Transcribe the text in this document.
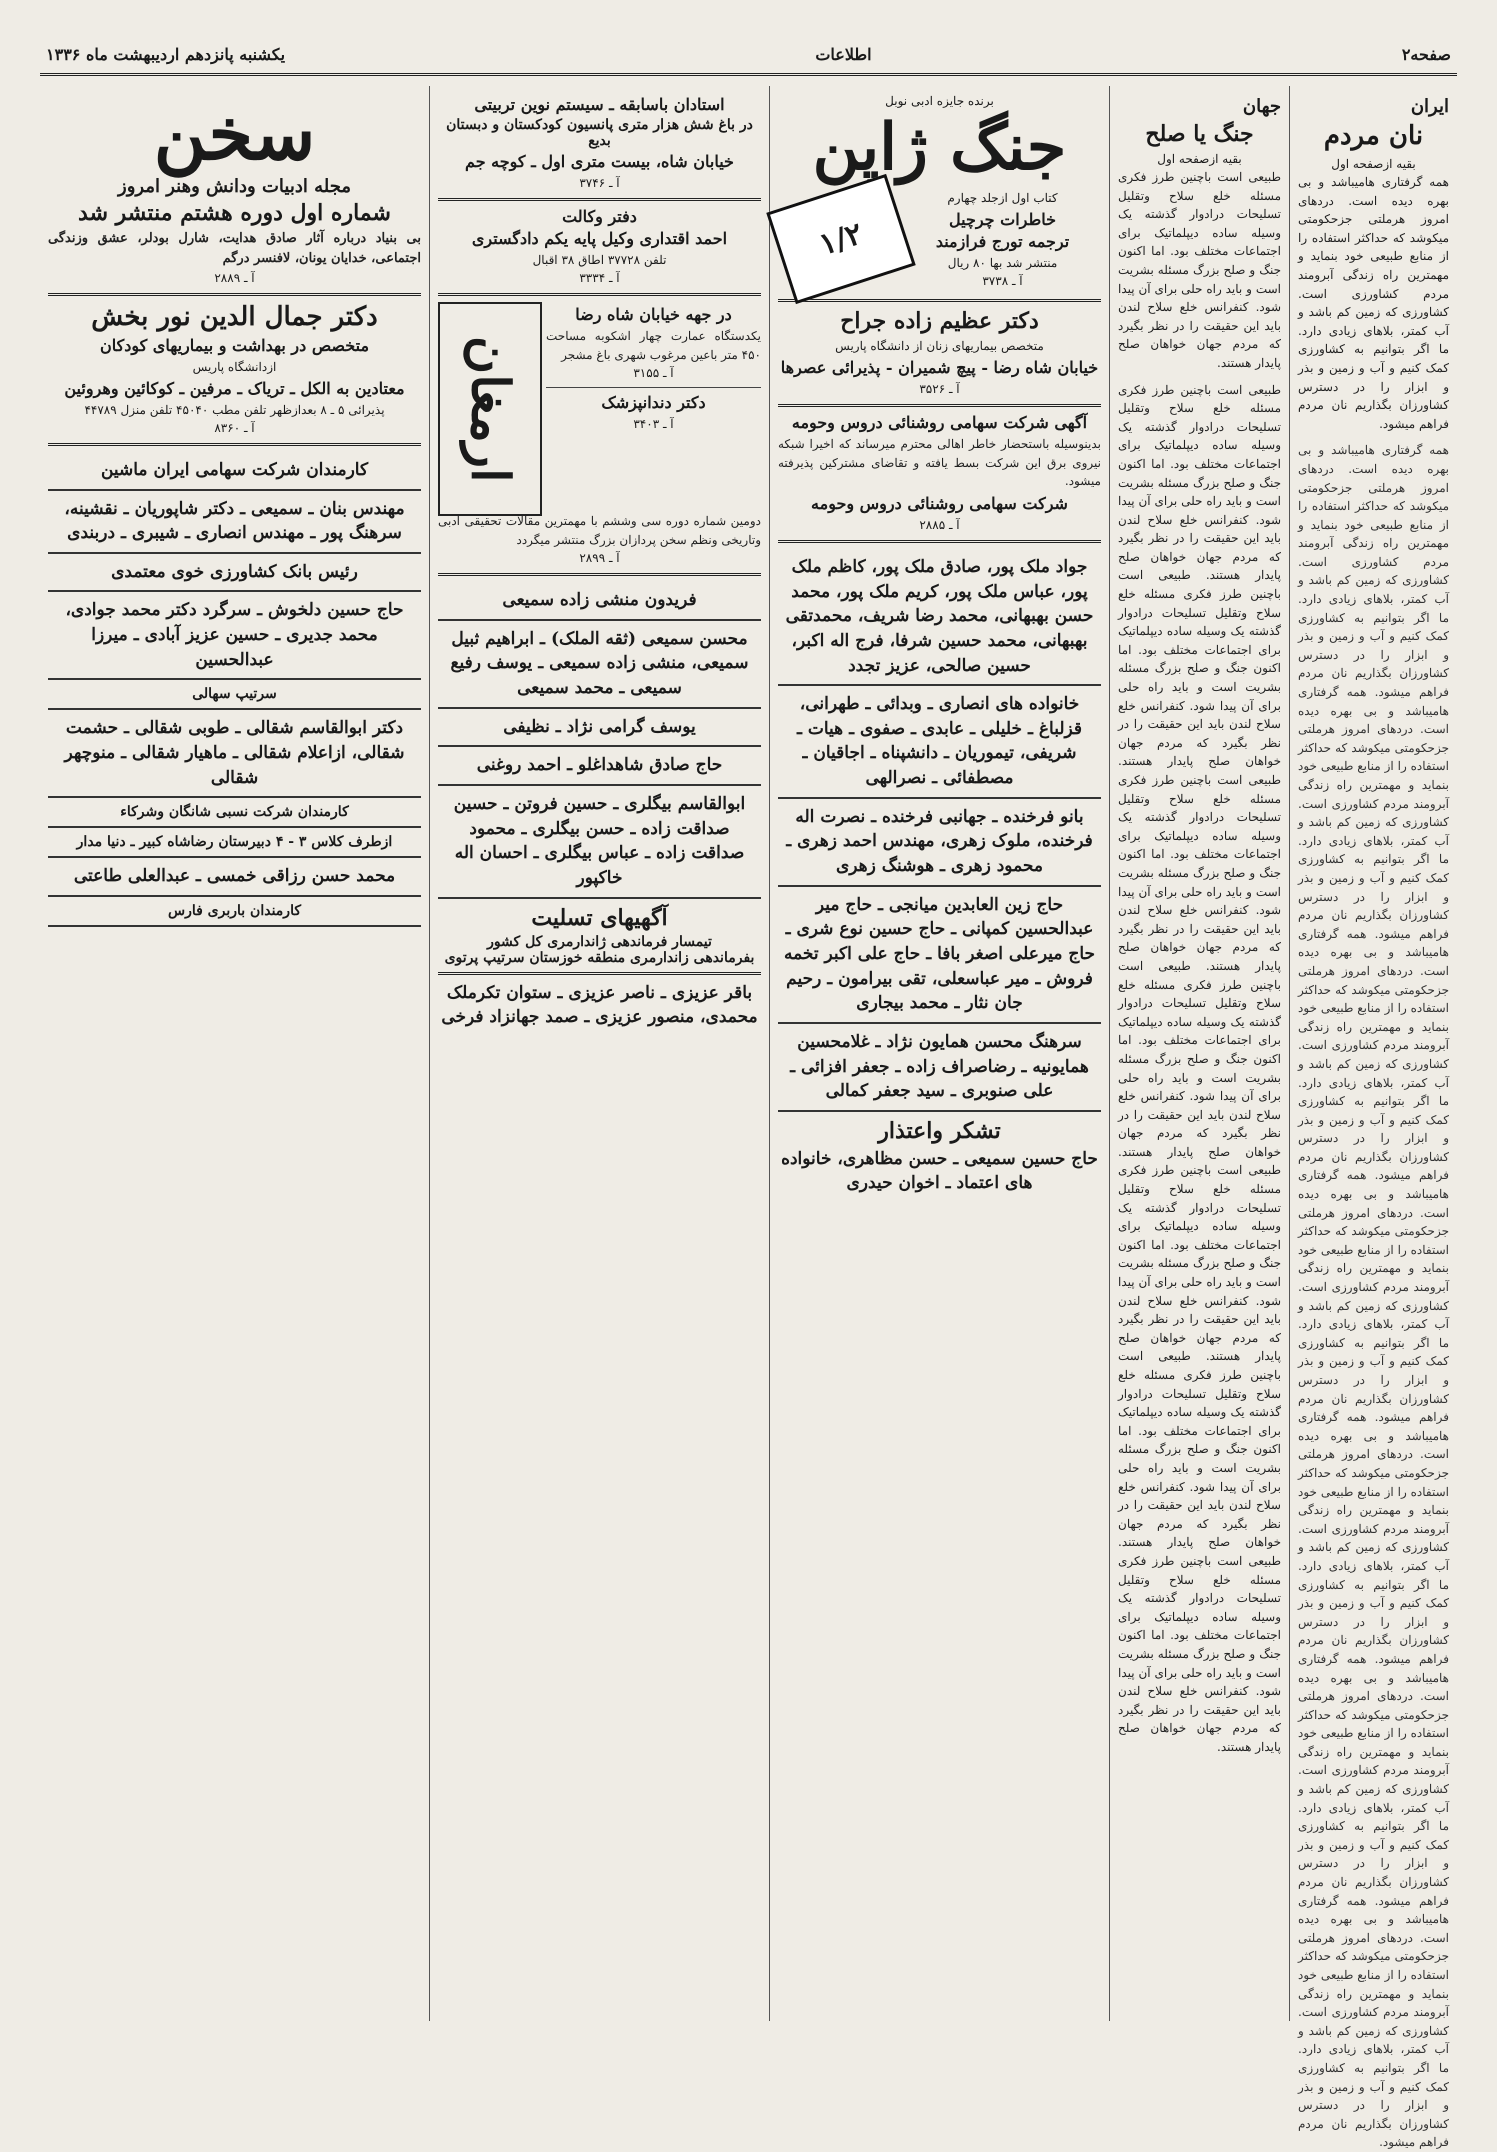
صفحه۲
اطلاعات
یکشنبه پانزدهم اردیبهشت ماه ۱۳۳۶
ایران
نان مردم
بقیه ازصفحه اول
همه گرفتاری هامیباشد و بی بهره دیده است. دردهای امروز هرملتی جزحکومتی میکوشد که حداکثر استفاده را از منابع طبیعی خود بنماید و مهمترین راه زندگی آبرومند مردم کشاورزی است. کشاورزی که زمین کم باشد و آب کمتر، بلاهای زیادی دارد. ما اگر بتوانیم به کشاورزی کمک کنیم و آب و زمین و بذر و ابزار را در دسترس کشاورزان بگذاریم نان مردم فراهم میشود.
همه گرفتاری هامیباشد و بی بهره دیده است. دردهای امروز هرملتی جزحکومتی میکوشد که حداکثر استفاده را از منابع طبیعی خود بنماید و مهمترین راه زندگی آبرومند مردم کشاورزی است. کشاورزی که زمین کم باشد و آب کمتر، بلاهای زیادی دارد. ما اگر بتوانیم به کشاورزی کمک کنیم و آب و زمین و بذر و ابزار را در دسترس کشاورزان بگذاریم نان مردم فراهم میشود. همه گرفتاری هامیباشد و بی بهره دیده است. دردهای امروز هرملتی جزحکومتی میکوشد که حداکثر استفاده را از منابع طبیعی خود بنماید و مهمترین راه زندگی آبرومند مردم کشاورزی است. کشاورزی که زمین کم باشد و آب کمتر، بلاهای زیادی دارد. ما اگر بتوانیم به کشاورزی کمک کنیم و آب و زمین و بذر و ابزار را در دسترس کشاورزان بگذاریم نان مردم فراهم میشود. همه گرفتاری هامیباشد و بی بهره دیده است. دردهای امروز هرملتی جزحکومتی میکوشد که حداکثر استفاده را از منابع طبیعی خود بنماید و مهمترین راه زندگی آبرومند مردم کشاورزی است. کشاورزی که زمین کم باشد و آب کمتر، بلاهای زیادی دارد. ما اگر بتوانیم به کشاورزی کمک کنیم و آب و زمین و بذر و ابزار را در دسترس کشاورزان بگذاریم نان مردم فراهم میشود. همه گرفتاری هامیباشد و بی بهره دیده است. دردهای امروز هرملتی جزحکومتی میکوشد که حداکثر استفاده را از منابع طبیعی خود بنماید و مهمترین راه زندگی آبرومند مردم کشاورزی است. کشاورزی که زمین کم باشد و آب کمتر، بلاهای زیادی دارد. ما اگر بتوانیم به کشاورزی کمک کنیم و آب و زمین و بذر و ابزار را در دسترس کشاورزان بگذاریم نان مردم فراهم میشود. همه گرفتاری هامیباشد و بی بهره دیده است. دردهای امروز هرملتی جزحکومتی میکوشد که حداکثر استفاده را از منابع طبیعی خود بنماید و مهمترین راه زندگی آبرومند مردم کشاورزی است. کشاورزی که زمین کم باشد و آب کمتر، بلاهای زیادی دارد. ما اگر بتوانیم به کشاورزی کمک کنیم و آب و زمین و بذر و ابزار را در دسترس کشاورزان بگذاریم نان مردم فراهم میشود. همه گرفتاری هامیباشد و بی بهره دیده است. دردهای امروز هرملتی جزحکومتی میکوشد که حداکثر استفاده را از منابع طبیعی خود بنماید و مهمترین راه زندگی آبرومند مردم کشاورزی است. کشاورزی که زمین کم باشد و آب کمتر، بلاهای زیادی دارد. ما اگر بتوانیم به کشاورزی کمک کنیم و آب و زمین و بذر و ابزار را در دسترس کشاورزان بگذاریم نان مردم فراهم میشود. همه گرفتاری هامیباشد و بی بهره دیده است. دردهای امروز هرملتی جزحکومتی میکوشد که حداکثر استفاده را از منابع طبیعی خود بنماید و مهمترین راه زندگی آبرومند مردم کشاورزی است. کشاورزی که زمین کم باشد و آب کمتر، بلاهای زیادی دارد. ما اگر بتوانیم به کشاورزی کمک کنیم و آب و زمین و بذر و ابزار را در دسترس کشاورزان بگذاریم نان مردم فراهم میشود.
جهان
جنگ یا صلح
بقیه ازصفحه اول
طبیعی است باچنین طرز فکری مسئله خلع سلاح وتقلیل تسلیحات درادوار گذشته یک وسیله ساده دیپلماتیک برای اجتماعات مختلف بود. اما اکنون جنگ و صلح بزرگ مسئله بشریت است و باید راه حلی برای آن پیدا شود. کنفرانس خلع سلاح لندن باید این حقیقت را در نظر بگیرد که مردم جهان خواهان صلح پایدار هستند.
طبیعی است باچنین طرز فکری مسئله خلع سلاح وتقلیل تسلیحات درادوار گذشته یک وسیله ساده دیپلماتیک برای اجتماعات مختلف بود. اما اکنون جنگ و صلح بزرگ مسئله بشریت است و باید راه حلی برای آن پیدا شود. کنفرانس خلع سلاح لندن باید این حقیقت را در نظر بگیرد که مردم جهان خواهان صلح پایدار هستند. طبیعی است باچنین طرز فکری مسئله خلع سلاح وتقلیل تسلیحات درادوار گذشته یک وسیله ساده دیپلماتیک برای اجتماعات مختلف بود. اما اکنون جنگ و صلح بزرگ مسئله بشریت است و باید راه حلی برای آن پیدا شود. کنفرانس خلع سلاح لندن باید این حقیقت را در نظر بگیرد که مردم جهان خواهان صلح پایدار هستند. طبیعی است باچنین طرز فکری مسئله خلع سلاح وتقلیل تسلیحات درادوار گذشته یک وسیله ساده دیپلماتیک برای اجتماعات مختلف بود. اما اکنون جنگ و صلح بزرگ مسئله بشریت است و باید راه حلی برای آن پیدا شود. کنفرانس خلع سلاح لندن باید این حقیقت را در نظر بگیرد که مردم جهان خواهان صلح پایدار هستند. طبیعی است باچنین طرز فکری مسئله خلع سلاح وتقلیل تسلیحات درادوار گذشته یک وسیله ساده دیپلماتیک برای اجتماعات مختلف بود. اما اکنون جنگ و صلح بزرگ مسئله بشریت است و باید راه حلی برای آن پیدا شود. کنفرانس خلع سلاح لندن باید این حقیقت را در نظر بگیرد که مردم جهان خواهان صلح پایدار هستند. طبیعی است باچنین طرز فکری مسئله خلع سلاح وتقلیل تسلیحات درادوار گذشته یک وسیله ساده دیپلماتیک برای اجتماعات مختلف بود. اما اکنون جنگ و صلح بزرگ مسئله بشریت است و باید راه حلی برای آن پیدا شود. کنفرانس خلع سلاح لندن باید این حقیقت را در نظر بگیرد که مردم جهان خواهان صلح پایدار هستند. طبیعی است باچنین طرز فکری مسئله خلع سلاح وتقلیل تسلیحات درادوار گذشته یک وسیله ساده دیپلماتیک برای اجتماعات مختلف بود. اما اکنون جنگ و صلح بزرگ مسئله بشریت است و باید راه حلی برای آن پیدا شود. کنفرانس خلع سلاح لندن باید این حقیقت را در نظر بگیرد که مردم جهان خواهان صلح پایدار هستند. طبیعی است باچنین طرز فکری مسئله خلع سلاح وتقلیل تسلیحات درادوار گذشته یک وسیله ساده دیپلماتیک برای اجتماعات مختلف بود. اما اکنون جنگ و صلح بزرگ مسئله بشریت است و باید راه حلی برای آن پیدا شود. کنفرانس خلع سلاح لندن باید این حقیقت را در نظر بگیرد که مردم جهان خواهان صلح پایدار هستند.
برنده جایزه ادبی نوبل
جنگ ژاپن
کتاب اول ازجلد چهارم
خاطرات چرچیل
ترجمه تورج فرازمند
منتشر شد بها ۸۰ ریال
آ ـ ۳۷۳۸
۱/۲
دکتر عظیم زاده جراح
متخصص بیماریهای زنان از دانشگاه پاریس
خیابان شاه رضا - پیچ شمیران - پذیرائی عصرها
آ ـ ۳۵۲۶
آگهی شرکت سهامی روشنائی دروس وحومه
بدینوسیله باستحضار خاطر اهالی محترم میرساند که اخیرا شبکه نیروی برق این شرکت بسط یافته و تقاضای مشترکین پذیرفته میشود.
شرکت سهامی روشنائی دروس وحومه
آ ـ ۲۸۸۵
جواد ملک پور، صادق ملک پور، کاظم ملک پور، عباس ملک پور، کریم ملک پور، محمد حسن بهبهانی، محمد رضا شریف، محمدتقی بهبهانی، محمد حسین شرفا، فرج اله اکبر، حسین صالحی، عزیز تجدد
خانواده های انصاری ـ وبدائی ـ طهرانی، قزلباغ ـ خلیلی ـ عابدی ـ صفوی ـ هیات ـ شریفی، تیموریان ـ دانشپناه ـ اجاقیان ـ مصطفائی ـ نصرالهی
بانو فرخنده ـ جهانبی فرخنده ـ نصرت اله فرخنده، ملوک زهری، مهندس احمد زهری ـ محمود زهری ـ هوشنگ زهری
حاج زین العابدین میانجی ـ حاج میر عبدالحسین کمپانی ـ حاج حسین نوع شری ـ حاج میرعلی اصغر بافا ـ حاج علی اکبر تخمه فروش ـ میر عباسعلی، تقی بیرامون ـ رحیم جان نثار ـ محمد بیجاری
سرهنگ محسن همایون نژاد ـ غلامحسین همایونیه ـ رضاصراف زاده ـ جعفر افزائی ـ علی صنوبری ـ سید جعفر کمالی
تشکر واعتذار
حاج حسین سمیعی ـ حسن مظاهری، خانواده های اعتماد ـ اخوان حیدری
استادان باسابقه ـ سیستم نوین تربیتی
در باغ شش هزار متری پانسیون کودکستان و دبستان بدیع
خیابان شاه، بیست متری اول ـ کوچه جم
آ ـ ۳۷۴۶
دفتر وکالت
احمد اقتداری وکیل پایه یکم دادگستری
تلفن ۳۷۷۲۸ اطاق ۳۸ اقبال
آ ـ ۳۳۳۴
در جهه خیابان شاه رضا
یکدستگاه عمارت چهار اشکوبه مساحت ۴۵۰ متر باعین مرغوب شهری باغ مشجر
آ ـ ۳۱۵۵
دکتر دندانپزشک
آ ـ ۳۴۰۳
ارمغان
دومین شماره دوره سی وششم با مهمترین مقالات تحقیقی ادبی وتاریخی ونظم سخن پردازان بزرگ منتشر میگردد
آ ـ ۲۸۹۹
فریدون منشی زاده سمیعی
محسن سمیعی (ثقه الملک) ـ ابراهیم ثبیل سمیعی، منشی زاده سمیعی ـ یوسف رفیع سمیعی ـ محمد سمیعی
یوسف گرامی نژاد ـ نظیفی
حاج صادق شاهداغلو ـ احمد روغنی
ابوالقاسم بیگلری ـ حسین فروتن ـ حسین صداقت زاده ـ حسن بیگلری ـ محمود صداقت زاده ـ عباس بیگلری ـ احسان اله خاکپور
آگهیهای تسلیت
تیمسار فرماندهی ژاندارمری کل کشور
بفرماندهی زاندارمری منطقه خوزستان سرتیپ پرتوی
باقر عزیزی ـ ناصر عزیزی ـ ستوان تکرملک محمدی، منصور عزیزی ـ صمد جهانزاد فرخی
سخن
مجله ادبیات ودانش وهنر امروز
شماره اول دوره هشتم منتشر شد
بی بنیاد درباره آثار صادق هدایت، شارل بودلر، عشق وزندگی اجتماعی، خدایان یونان، لافنسر درگم
آ ـ ۲۸۸۹
دکتر جمال الدین نور بخش
متخصص در بهداشت و بیماریهای کودکان
ازدانشگاه پاریس
معتادین به الکل ـ تریاک ـ مرفین ـ کوکائین وهروئین
پذیرائی ۵ ـ ۸ بعدازظهر تلفن مطب ۴۵۰۴۰ تلفن منزل ۴۴۷۸۹
آ ـ ۸۳۶۰
کارمندان شرکت سهامی ایران ماشین
مهندس بنان ـ سمیعی ـ دکتر شاپوریان ـ نقشینه، سرهنگ پور ـ مهندس انصاری ـ شیبری ـ دربندی
رئیس بانک کشاورزی خوی معتمدی
حاج حسین دلخوش ـ سرگرد دکتر محمد جوادی، محمد جدیری ـ حسین عزیز آبادی ـ میرزا عبدالحسین
سرتیپ سهالی
دکتر ابوالقاسم شقالی ـ طوبی شقالی ـ حشمت شقالی، ازاعلام شقالی ـ ماهیار شقالی ـ منوچهر شقالی
کارمندان شرکت نسبی شانگان وشرکاء
ازطرف کلاس ۳ - ۴ دبیرستان رضاشاه کبیر ـ دنیا مدار
محمد حسن رزاقی خمسی ـ عبدالعلی طاعتی
کارمندان باربری فارس
